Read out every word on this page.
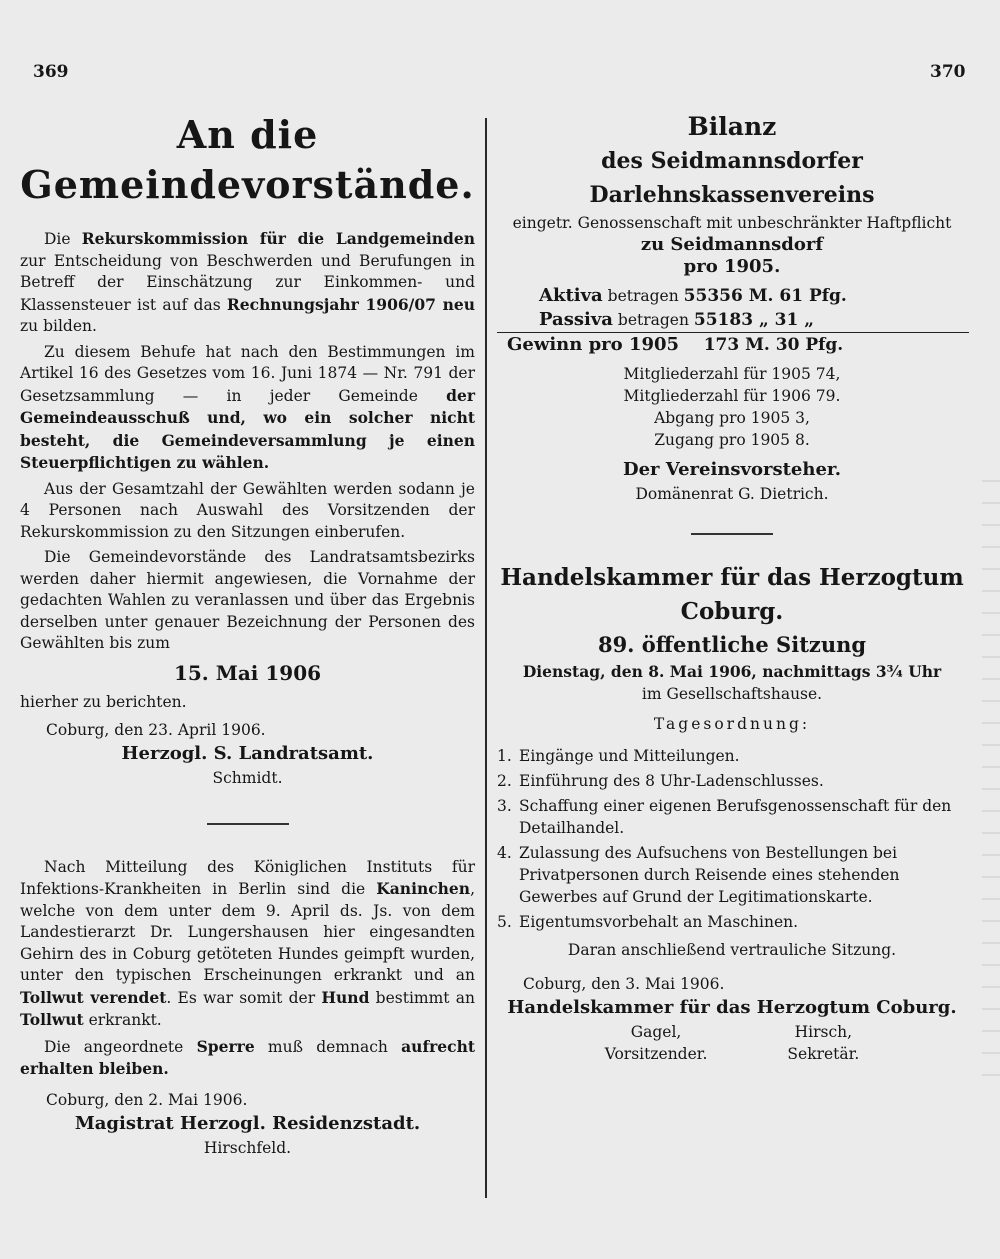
369	370
An die Gemeindevorstände.

Die Rekurskommission für die Landgemeinden zur Entscheidung von Beschwerden und Berufungen in Betreff der Einschätzung zur Einkommen- und Klassensteuer ist auf das Rechnungsjahr 1906/07 neu zu bilden.

Zu diesem Behufe hat nach den Bestimmungen im Artikel 16 des Gesetzes vom 16. Juni 1874 — Nr. 791 der Gesetzsammlung — in jeder Gemeinde der Gemeindeausschuß und, wo ein solcher nicht besteht, die Gemeindeversammlung je einen Steuerpflichtigen zu wählen.

Aus der Gesamtzahl der Gewählten werden sodann je 4 Personen nach Auswahl des Vorsitzenden der Rekurskommission zu den Sitzungen einberufen.

Die Gemeindevorstände des Landratsamtsbezirks werden daher hiermit angewiesen, die Vornahme der gedachten Wahlen zu veranlassen und über das Ergebnis derselben unter genauer Bezeichnung der Personen des Gewählten bis zum

15. Mai 1906
hierher zu berichten.
Coburg, den 23. April 1906.
Herzogl. S. Landratsamt.
Schmidt.

Nach Mitteilung des Königlichen Instituts für Infektions-Krankheiten in Berlin sind die Kaninchen, welche von dem unter dem 9. April ds. Js. von dem Landestierarzt Dr. Lungershausen hier eingesandten Gehirn des in Coburg getöteten Hundes geimpft wurden, unter den typischen Erscheinungen erkrankt und an Tollwut verendet. Es war somit der Hund bestimmt an Tollwut erkrankt.

Die angeordnete Sperre muß demnach aufrecht erhalten bleiben.

Coburg, den 2. Mai 1906.
Magistrat Herzogl. Residenzstadt.
Hirschfeld.
Bilanz
des Seidmannsdorfer Darlehnskassenvereins
eingetr. Genossenschaft mit unbeschränkter Haftpflicht
zu Seidmannsdorf
pro 1905.
Aktiva
betragen
55356 M. 61 Pfg.
Passiva
betragen
55183 „ 31 „
Gewinn pro 1905
173 M. 30 Pfg.
Mitgliederzahl für 1905 74,
Mitgliederzahl für 1906 79.
Abgang pro 1905 3,
Zugang pro 1905 8.
Der Vereinsvorsteher.
Domänenrat G. Dietrich.
Handelskammer für das Herzogtum Coburg.
89. öffentliche Sitzung
Dienstag, den 8. Mai 1906, nachmittags 3¾ Uhr
im Gesellschaftshause.
Tagesordnung:
1. Eingänge und Mitteilungen.
2. Einführung des 8 Uhr-Ladenschlusses.
3. Schaffung einer eigenen Berufsgenossenschaft für den Detailhandel.
4. Zulassung des Aufsuchens von Bestellungen bei Privatpersonen durch Reisende eines stehenden Gewerbes auf Grund der Legitimationskarte.
5. Eigentumsvorbehalt an Maschinen.
Daran anschließend vertrauliche Sitzung.
Coburg, den 3. Mai 1906.
Handelskammer für das Herzogtum Coburg.
Gagel,
Vorsitzender.
Hirsch,
Sekretär.
